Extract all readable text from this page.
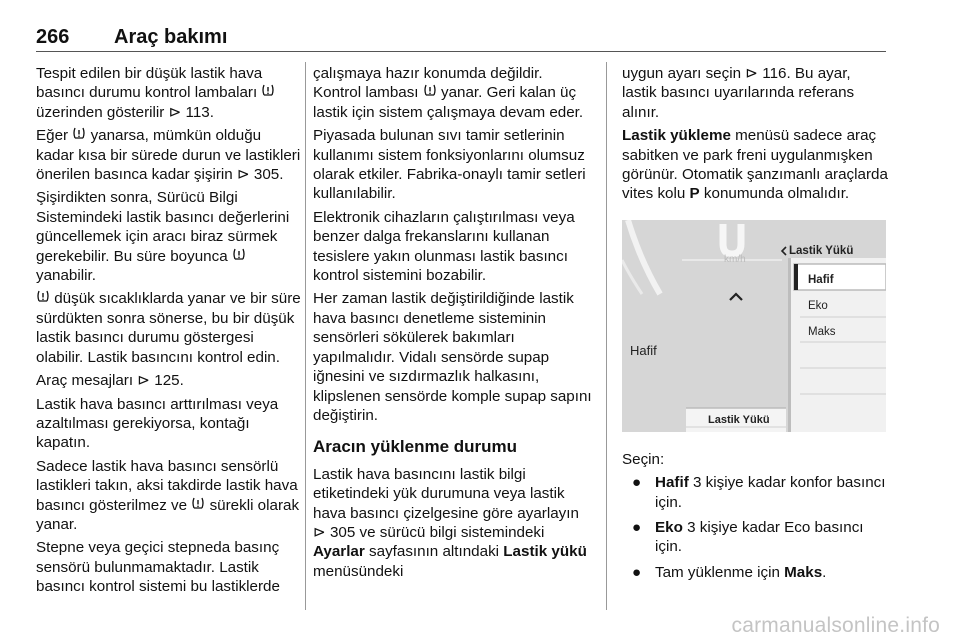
266 Araç bakımı

Tespit edilen bir düşük lastik hava basıncı durumu kontrol lambaları  üzerinden gösterilir ⊳ 113.

Eğer yanarsa, mümkün olduğu kadar kısa bir sürede durun ve lastikleri önerilen basınca kadar şişirin ⊳ 305.

Şişirdikten sonra, Sürücü Bilgi Sistemindeki lastik basıncı değerlerini güncellemek için aracı biraz sürmek gerekebilir. Bu süre boyunca  yanabilir.

düşük sıcaklıklarda yanar ve bir süre sürdükten sonra sönerse, bu bir düşük lastik basıncı durumu göstergesi olabilir. Lastik basıncını kontrol edin.

Araç mesajları ⊳ 125.

Lastik hava basıncı arttırılması veya azaltılması gerekiyorsa, kontağı kapatın.

Sadece lastik hava basıncı sensörlü lastikleri takın, aksi takdirde lastik hava basıncı gösterilmez ve sürekli olarak yanar.

Stepne veya geçici stepneda basınç sensörü bulunmamaktadır. Lastik basıncı kontrol sistemi bu lastiklerde

çalışmaya hazır konumda değildir. Kontrol lambası yanar. Geri kalan üç lastik için sistem çalışmaya devam eder.

Piyasada bulunan sıvı tamir setlerinin kullanımı sistem fonksiyonlarını olumsuz olarak etkiler. Fabrika-onaylı tamir setleri kullanılabilir.

Elektronik cihazların çalıştırılması veya benzer dalga frekanslarını kullanan tesislere yakın olunması lastik basıncı kontrol sistemini bozabilir.

Her zaman lastik değiştirildiğinde lastik hava basıncı denetleme sisteminin sensörleri sökülerek bakımları yapılmalıdır. Vidalı sensörde supap iğnesini ve sızdırmazlık halkasını, klipslenen sensörde komple supap sapını değiştirin.

Aracın yüklenme durumu

Lastik hava basıncını lastik bilgi etiketindeki yük durumuna veya lastik hava basıncı çizelgesine göre ayarlayın ⊳ 305 ve sürücü bilgi sistemindeki Ayarlar sayfasının altındaki Lastik yükü menüsündeki

uygun ayarı seçin ⊳ 116. Bu ayar, lastik basıncı uyarılarında referans alınır.

Lastik yükleme menüsü sadece araç sabitken ve park freni uygulanmışken görünür. Otomatik şanzımanlı araçlarda vites kolu P konumunda olmalıdır.

km/h
Lastik Yükü
Hafif
Eko
Maks
Hafif
Lastik Yükü

Seçin:

● Hafif 3 kişiye kadar konfor basıncı için.
● Eko 3 kişiye kadar Eco basıncı için.
● Tam yüklenme için Maks.
carmanualsonline.info
